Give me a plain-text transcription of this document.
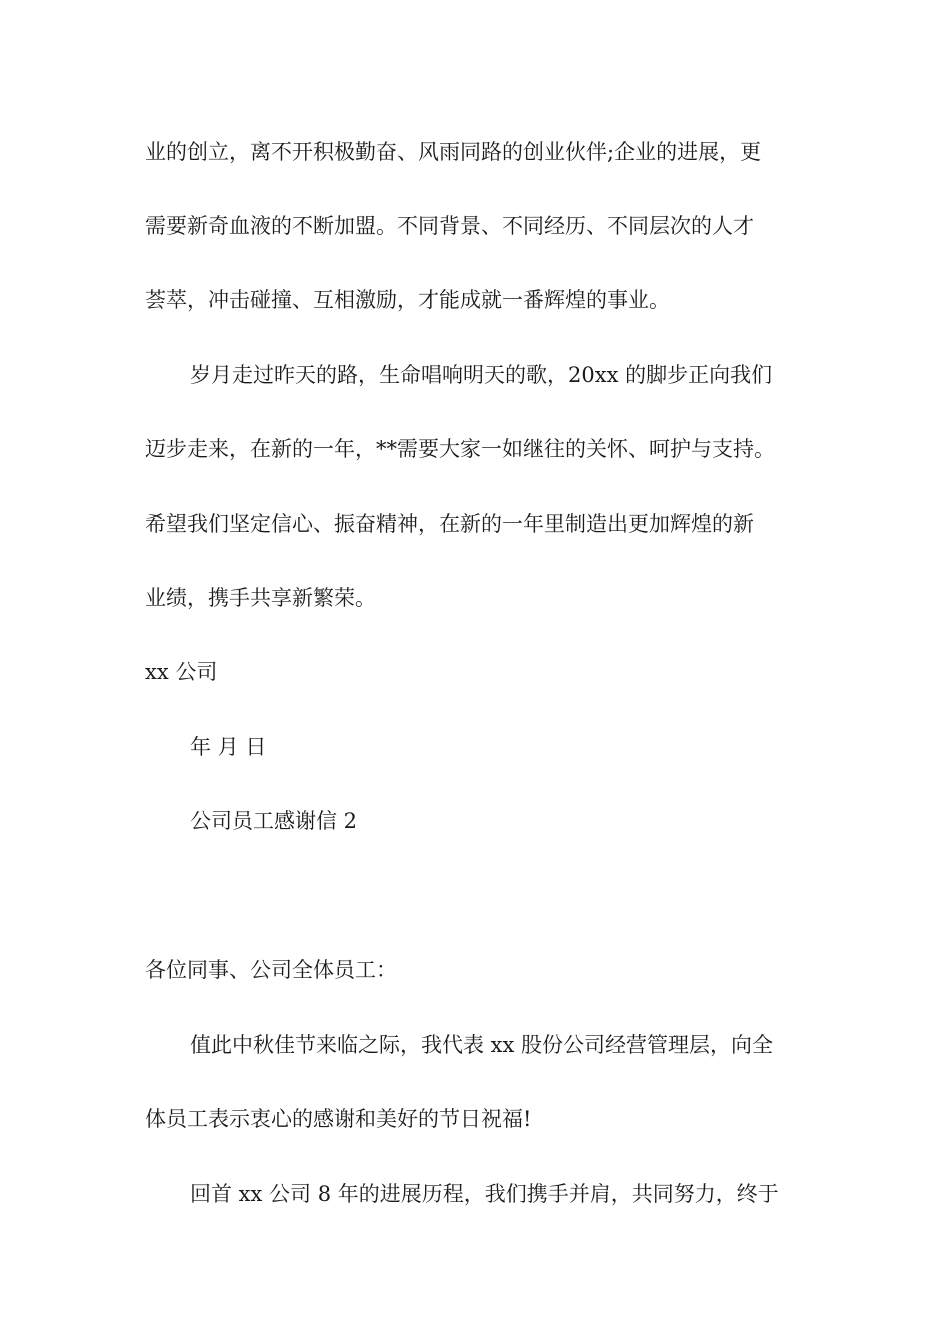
业的创立，离不开积极勤奋、风雨同路的创业伙伴;企业的进展，更
需要新奇血液的不断加盟。不同背景、不同经历、不同层次的人才
荟萃，冲击碰撞、互相激励，才能成就一番辉煌的事业。
岁月走过昨天的路，生命唱响明天的歌，20xx 的脚步正向我们
迈步走来，在新的一年，**需要大家一如继往的关怀、呵护与支持。
希望我们坚定信心、振奋精神，在新的一年里制造出更加辉煌的新
业绩，携手共享新繁荣。
xx 公司
年 月 日
公司员工感谢信 2
各位同事、公司全体员工：
值此中秋佳节来临之际，我代表 xx 股份公司经营管理层，向全
体员工表示衷心的感谢和美好的节日祝福!
回首 xx 公司 8 年的进展历程，我们携手并肩，共同努力，终于
